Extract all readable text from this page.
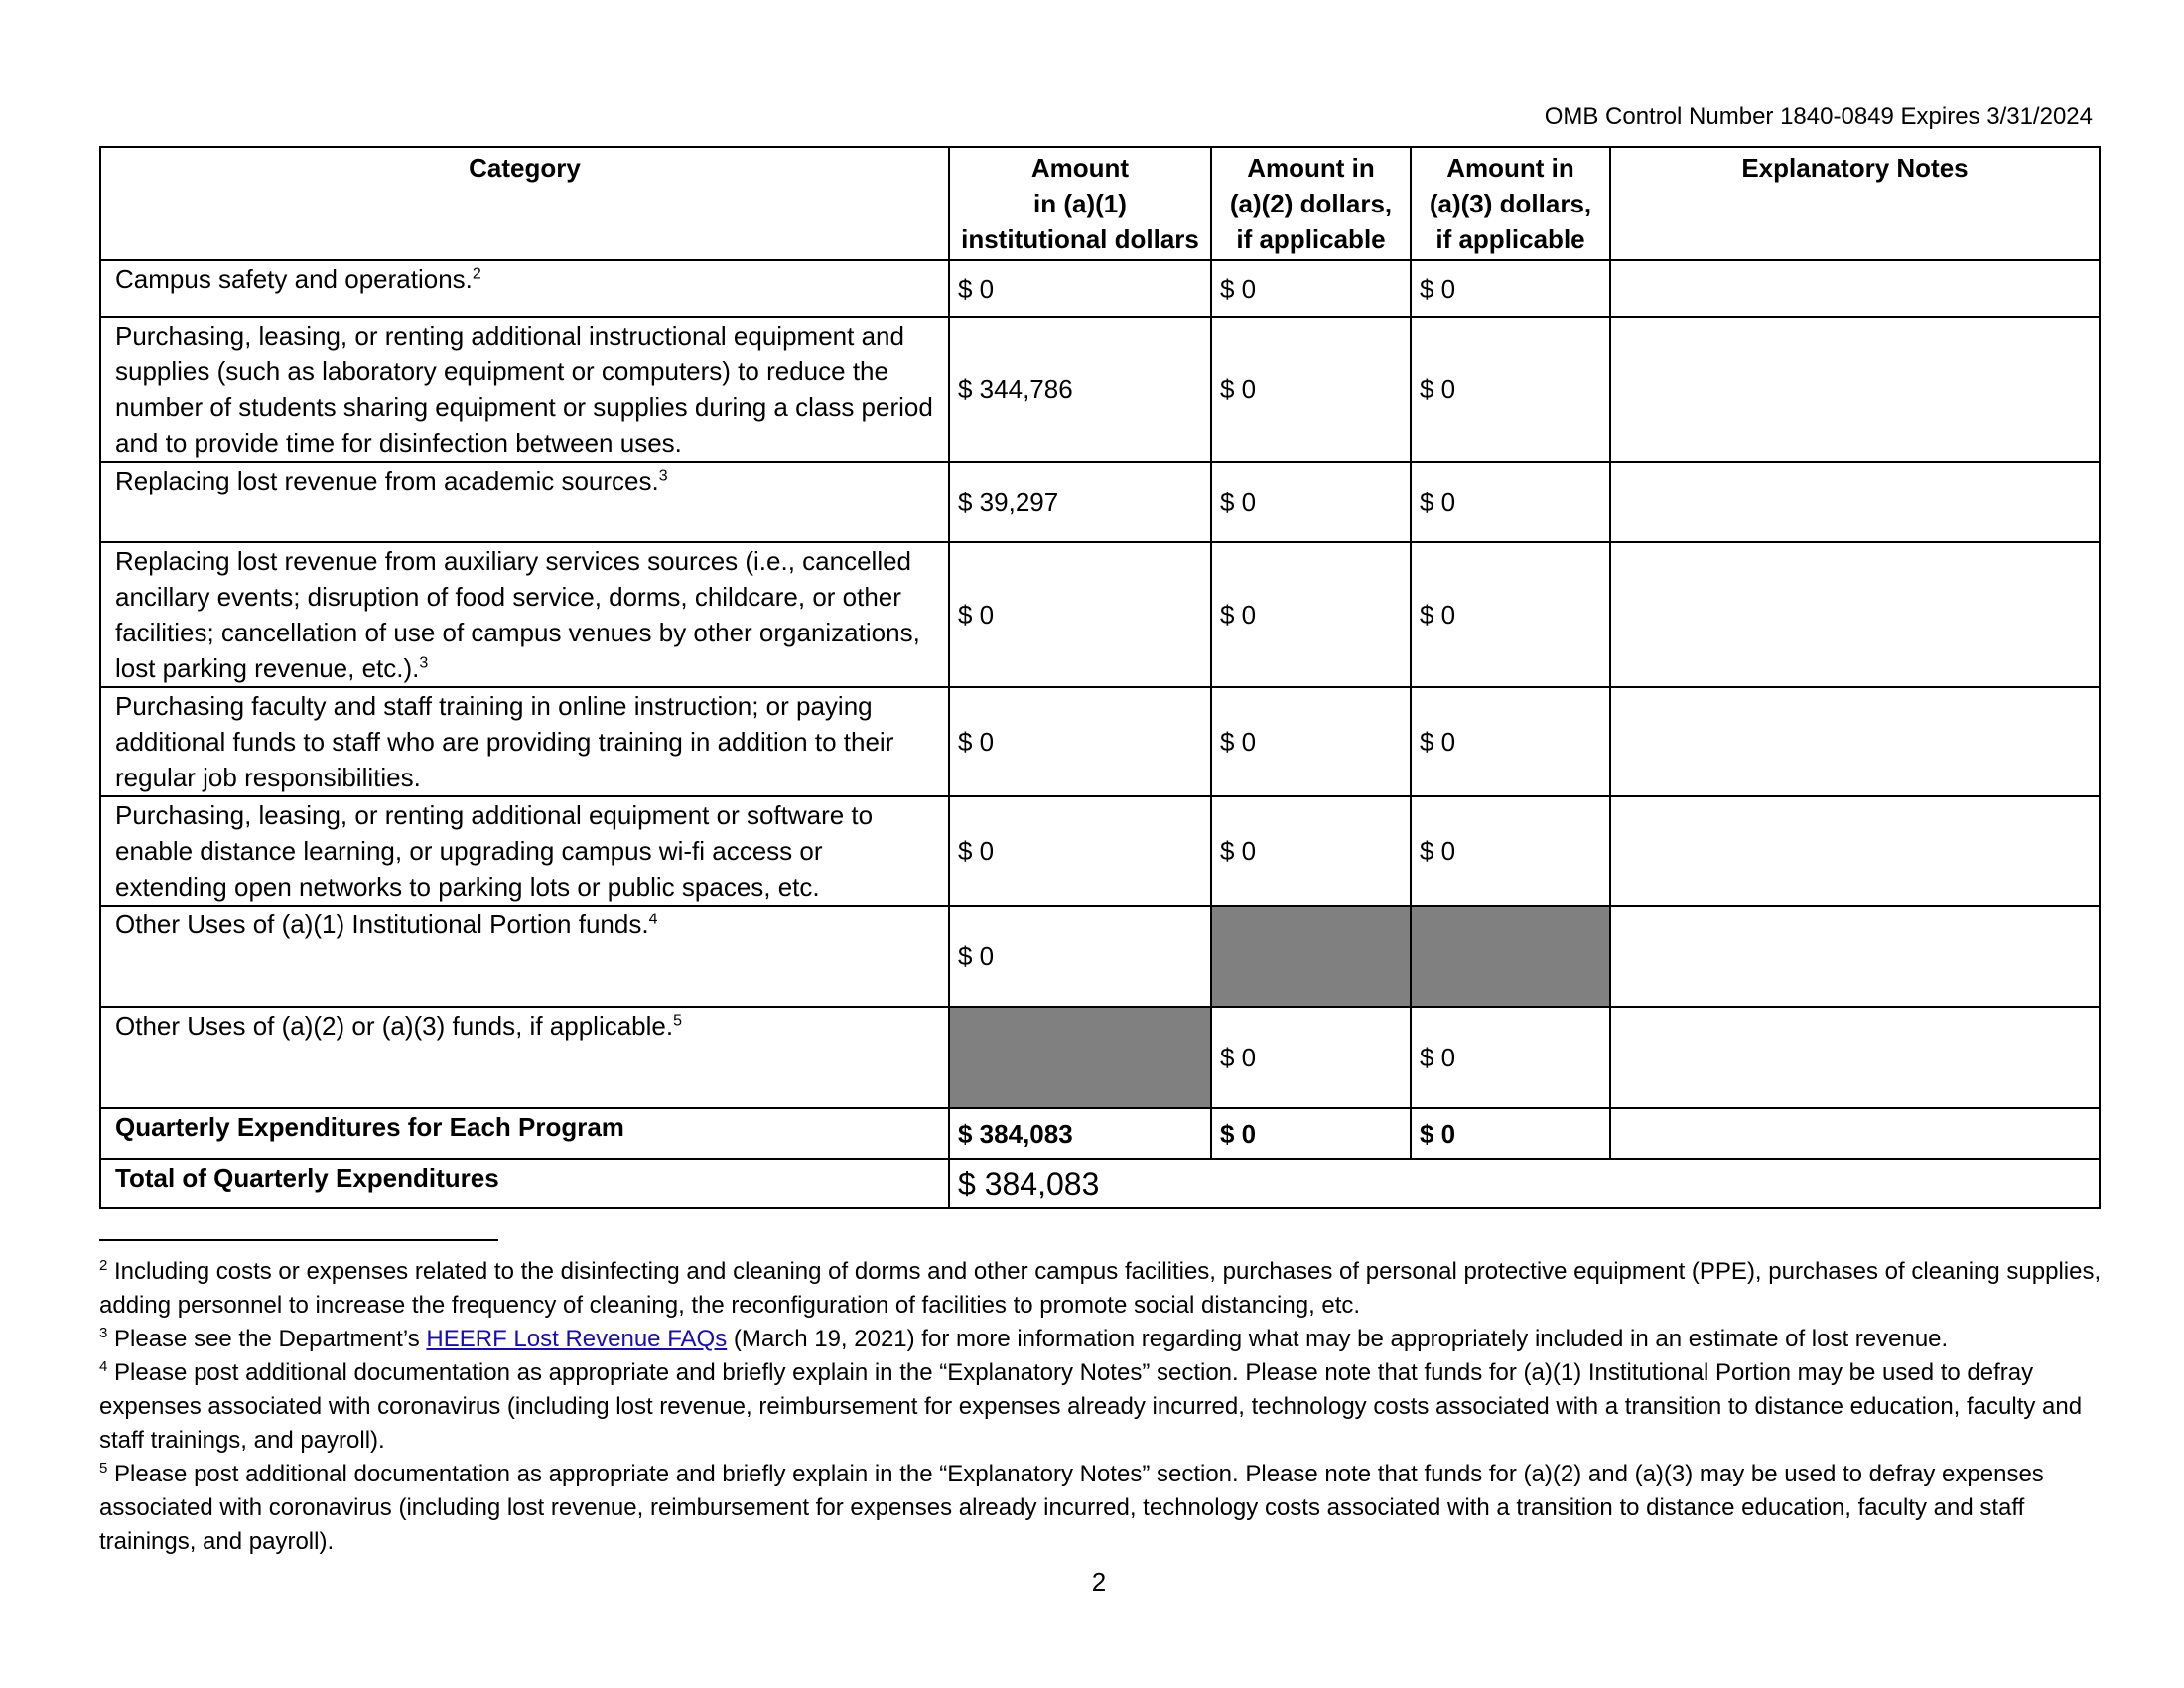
OMB Control Number 1840-0849 Expires 3/31/2024
Category	Amount
in (a)(1)
institutional dollars	Amount in
(a)(2) dollars,
if applicable	Amount in
(a)(3) dollars,
if applicable	Explanatory Notes
Campus safety and operations.$^2$	$ 0	$ 0	$ 0	
Purchasing, leasing, or renting additional instructional equipment and supplies (such as laboratory equipment or computers) to reduce the number of students sharing equipment or supplies during a class period and to provide time for disinfection between uses.	$ 344,786	$ 0	$ 0	
Replacing lost revenue from academic sources.$^3$	$ 39,297	$ 0	$ 0	
Replacing lost revenue from auxiliary services sources (i.e., cancelled ancillary events; disruption of food service, dorms, childcare, or other facilities; cancellation of use of campus venues by other organizations, lost parking revenue, etc.).$^3$	$ 0	$ 0	$ 0	
Purchasing faculty and staff training in online instruction; or paying additional funds to staff who are providing training in addition to their regular job responsibilities.	$ 0	$ 0	$ 0	
Purchasing, leasing, or renting additional equipment or software to enable distance learning, or upgrading campus wi-fi access or extending open networks to parking lots or public spaces, etc.	$ 0	$ 0	$ 0	
Other Uses of (a)(1) Institutional Portion funds.$^4$	$ 0			
Other Uses of (a)(2) or (a)(3) funds, if applicable.$^5$		$ 0	$ 0	
Quarterly Expenditures for Each Program	$ 384,083	$ 0	$ 0	
Total of Quarterly Expenditures	$ 384,083			

$^2$ Including costs or expenses related to the disinfecting and cleaning of dorms and other campus facilities, purchases of personal protective equipment (PPE), purchases of cleaning supplies, adding personnel to increase the frequency of cleaning, the reconfiguration of facilities to promote social distancing, etc.

$^3$ Please see the Department’s HEERF Lost Revenue FAQs (March 19, 2021) for more information regarding what may be appropriately included in an estimate of lost revenue.

$^4$ Please post additional documentation as appropriate and briefly explain in the “Explanatory Notes” section. Please note that funds for (a)(1) Institutional Portion may be used to defray expenses associated with coronavirus (including lost revenue, reimbursement for expenses already incurred, technology costs associated with a transition to distance education, faculty and staff trainings, and payroll).

$^5$ Please post additional documentation as appropriate and briefly explain in the “Explanatory Notes” section. Please note that funds for (a)(2) and (a)(3) may be used to defray expenses associated with coronavirus (including lost revenue, reimbursement for expenses already incurred, technology costs associated with a transition to distance education, faculty and staff trainings, and payroll).

2
